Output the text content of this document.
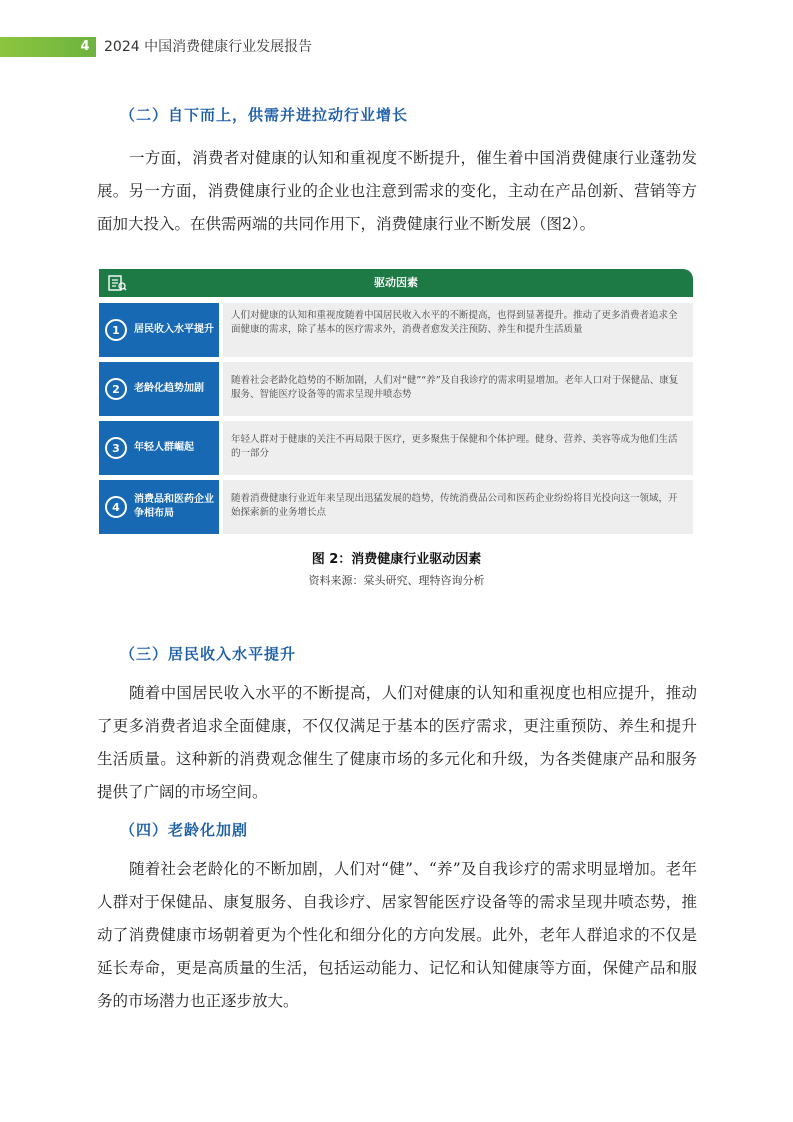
4	2024 中国消费健康行业发展报告
（二）自下而上，供需并进拉动行业增长
一方面，消费者对健康的认知和重视度不断提升，催生着中国消费健康行业蓬勃发展。另一方面，消费健康行业的企业也注意到需求的变化，主动在产品创新、营销等方面加大投入。在供需两端的共同作用下，消费健康行业不断发展（图2）。
驱动因素
1	居民收入水平提升
人们对健康的认知和重视度随着中国居民收入水平的不断提高，也得到显著提升。推动了更多消费者追求全面健康的需求，除了基本的医疗需求外，消费者愈发关注预防、养生和提升生活质量
2	老龄化趋势加剧
随着社会老龄化趋势的不断加剧，人们对“健”“养”及自我诊疗的需求明显增加。老年人口对于保健品、康复服务、智能医疗设备等的需求呈现井喷态势
3	年轻人群崛起
年轻人群对于健康的关注不再局限于医疗，更多聚焦于保健和个体护理。健身、营养、美容等成为他们生活的一部分
4
消费品和医药企业争相布局
随着消费健康行业近年来呈现出迅猛发展的趋势，传统消费品公司和医药企业纷纷将目光投向这一领域，开始探索新的业务增长点
图 2：消费健康行业驱动因素
资料来源：棠头研究、理特咨询分析
（三）居民收入水平提升
随着中国居民收入水平的不断提高，人们对健康的认知和重视度也相应提升，推动了更多消费者追求全面健康，不仅仅满足于基本的医疗需求，更注重预防、养生和提升生活质量。这种新的消费观念催生了健康市场的多元化和升级，为各类健康产品和服务提供了广阔的市场空间。
（四）老龄化加剧
随着社会老龄化的不断加剧，人们对“健”、“养”及自我诊疗的需求明显增加。老年人群对于保健品、康复服务、自我诊疗、居家智能医疗设备等的需求呈现井喷态势，推动了消费健康市场朝着更为个性化和细分化的方向发展。此外，老年人群追求的不仅是延长寿命，更是高质量的生活，包括运动能力、记忆和认知健康等方面，保健产品和服务的市场潜力也正逐步放大。
